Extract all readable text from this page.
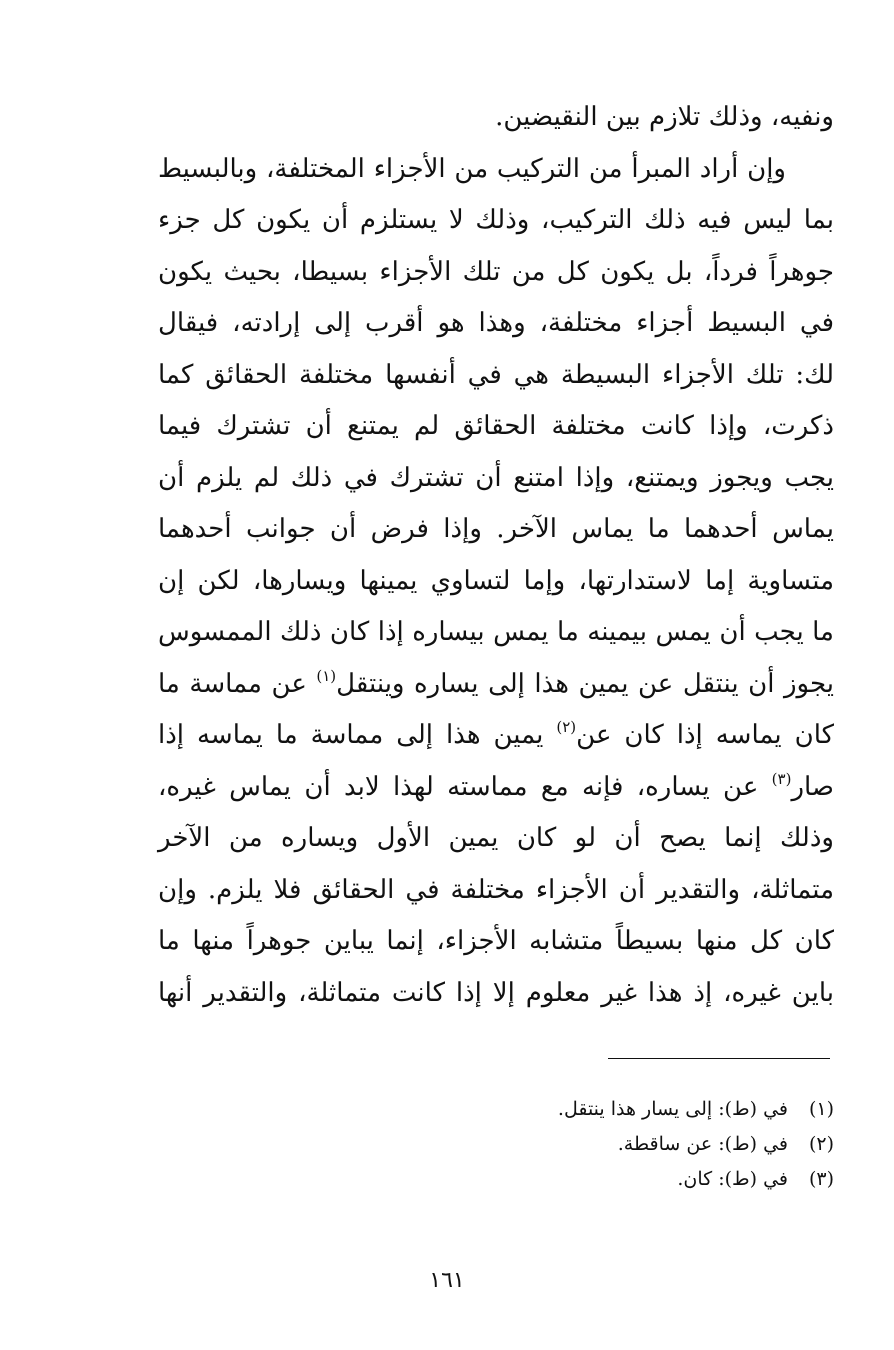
ونفيه، وذلك تلازم بين النقيضين.
وإن أراد المبرأ من التركيب من الأجزاء المختلفة، وبالبسيط
بما ليس فيه ذلك التركيب، وذلك لا يستلزم أن يكون كل جزء
جوهراً فرداً، بل يكون كل من تلك الأجزاء بسيطا، بحيث يكون
في البسيط أجزاء مختلفة، وهذا هو أقرب إلى إرادته، فيقال
لك: تلك الأجزاء البسيطة هي في أنفسها مختلفة الحقائق كما
ذكرت، وإذا كانت مختلفة الحقائق لم يمتنع أن تشترك فيما
يجب ويجوز ويمتنع، وإذا امتنع أن تشترك في ذلك لم يلزم أن
يماس أحدهما ما يماس الآخر. وإذا فرض أن جوانب أحدهما
متساوية إما لاستدارتها، وإما لتساوي يمينها ويسارها، لكن إن
ما يجب أن يمس بيمينه ما يمس بيساره إذا كان ذلك الممسوس
يجوز أن ينتقل عن يمين هذا إلى يساره وينتقل$^{(١)}$ عن مماسة ما
كان يماسه إذا كان عن$^{(٢)}$ يمين هذا إلى مماسة ما يماسه إذا
صار$^{(٣)}$ عن يساره، فإنه مع مماسته لهذا لابد أن يماس غيره،
وذلك إنما يصح أن لو كان يمين الأول ويساره من الآخر
متماثلة، والتقدير أن الأجزاء مختلفة في الحقائق فلا يلزم. وإن
كان كل منها بسيطاً متشابه الأجزاء، إنما يباين جوهراً منها ما
باين غيره، إذ هذا غير معلوم إلا إذا كانت متماثلة، والتقدير أنها
(١)في (ط): إلى يسار هذا ينتقل.
(٢)في (ط): عن ساقطة.
(٣)في (ط): كان.
١٦١
